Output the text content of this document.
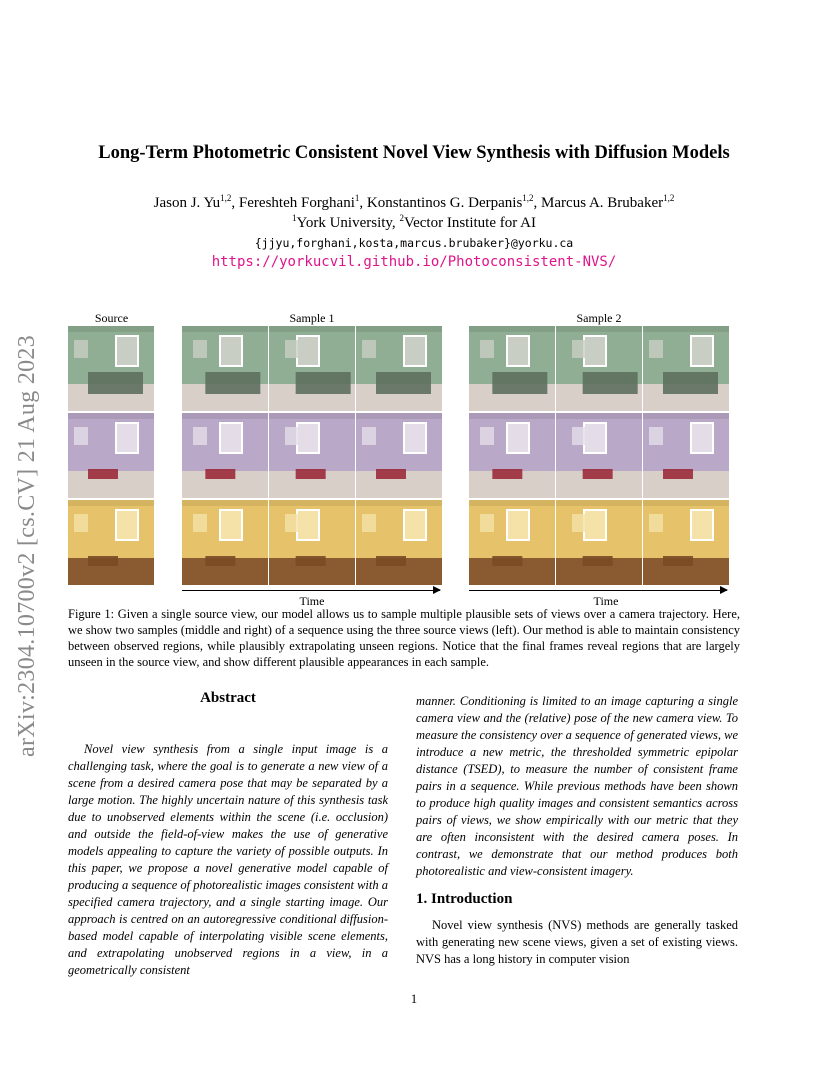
arXiv:2304.10700v2 [cs.CV] 21 Aug 2023
Long-Term Photometric Consistent Novel View Synthesis with Diffusion Models
Jason J. Yu$^{1,2}$, Fereshteh Forghani$^1$, Konstantinos G. Derpanis$^{1,2}$, Marcus A. Brubaker$^{1,2}$
$^1$York University, $^2$Vector Institute for AI
{jjyu,forghani,kosta,marcus.brubaker}@yorku.ca
https://yorkucvil.github.io/Photoconsistent-NVS/
Source	Sample 1	Sample 2
Time	Time
Figure 1: Given a single source view, our model allows us to sample multiple plausible sets of views over a camera trajectory. Here, we show two samples (middle and right) of a sequence using the three source views (left). Our method is able to maintain consistency between observed regions, while plausibly extrapolating unseen regions. Notice that the final frames reveal regions that are largely unseen in the source view, and show different plausible appearances in each sample.
Abstract
Novel view synthesis from a single input image is a challenging task, where the goal is to generate a new view of a scene from a desired camera pose that may be separated by a large motion. The highly uncertain nature of this synthesis task due to unobserved elements within the scene (i.e. occlusion) and outside the field-of-view makes the use of generative models appealing to capture the variety of possible outputs. In this paper, we propose a novel generative model capable of producing a sequence of photorealistic images consistent with a specified camera trajectory, and a single starting image. Our approach is centred on an autoregressive conditional diffusion-based model capable of interpolating visible scene elements, and extrapolating unobserved regions in a view, in a geometrically consistent
manner. Conditioning is limited to an image capturing a single camera view and the (relative) pose of the new camera view. To measure the consistency over a sequence of generated views, we introduce a new metric, the thresholded symmetric epipolar distance (TSED), to measure the number of consistent frame pairs in a sequence. While previous methods have been shown to produce high quality images and consistent semantics across pairs of views, we show empirically with our metric that they are often inconsistent with the desired camera poses. In contrast, we demonstrate that our method produces both photorealistic and view-consistent imagery.
1. Introduction
Novel view synthesis (NVS) methods are generally tasked with generating new scene views, given a set of existing views. NVS has a long history in computer vision
1
